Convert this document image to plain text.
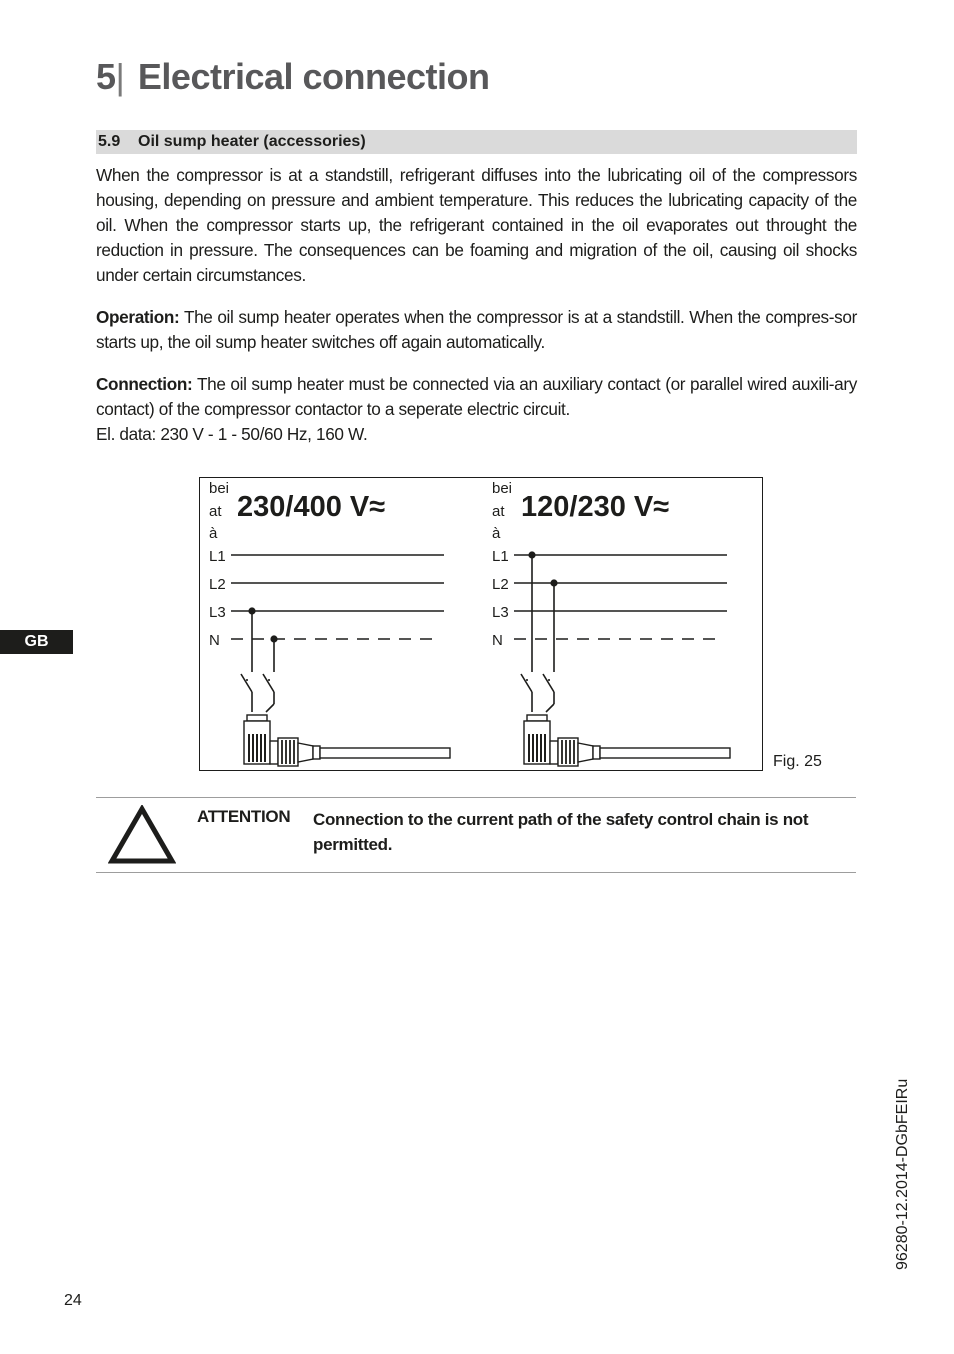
5| Electrical connection
5.9 Oil sump heater (accessories)

When the compressor is at a standstill, refrigerant diffuses into the lubricating oil of the compressors housing, depending on pressure and ambient temperature. This reduces the lubricating capacity of the oil. When the compressor starts up, the refrigerant contained in the oil evaporates out throught the reduction in pressure. The consequences can be foaming and migration of the oil, causing oil shocks under certain circumstances.

Operation: The oil sump heater operates when the compressor is at a standstill. When the compres-sor starts up, the oil sump heater switches off again automatically.

Connection: The oil sump heater must be connected via an auxiliary contact (or parallel wired auxili-ary contact) of the compressor contactor to a seperate electric circuit.
El. data: 230 V - 1 - 50/60 Hz, 160 W.

GB
bei
at
à
230/400 V≈
L1
L2
L3
N
bei
at
à
120/230 V≈
L1
L2
L3
N
Fig. 25
ATTENTION Connection to the current path of the safety control chain is not permitted.

96280-12.2014-DGbFEIRu
24
